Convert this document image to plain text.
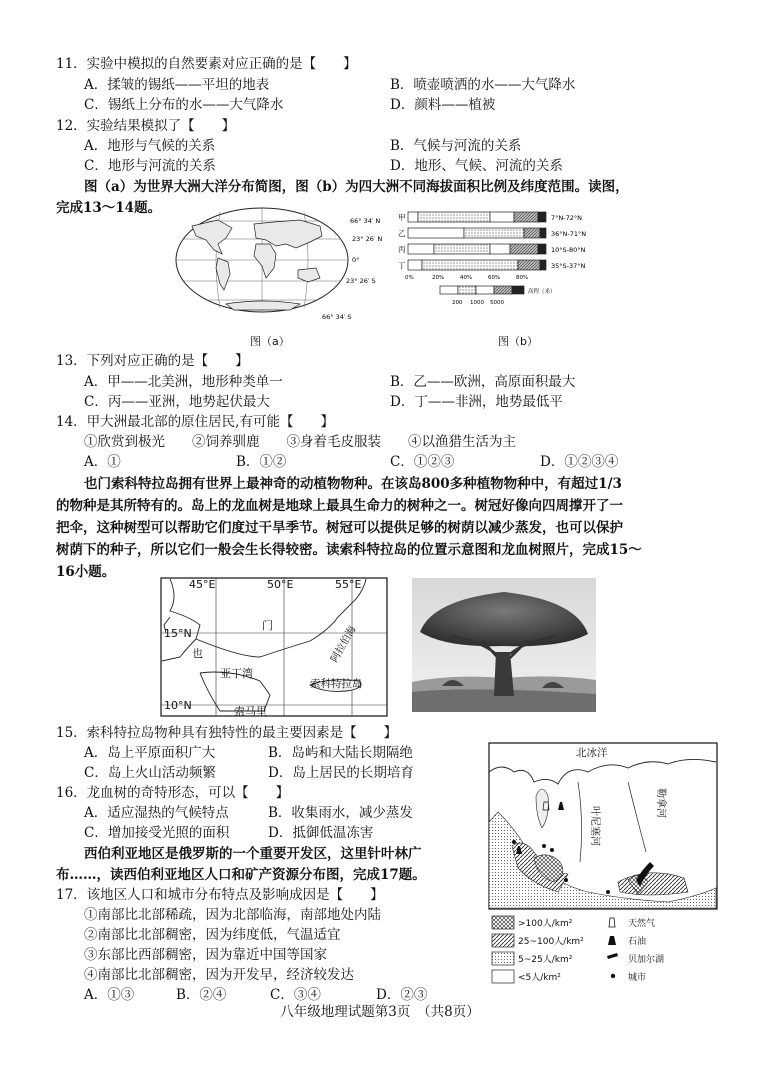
11．实验中模拟的自然要素对应正确的是【　　】
A．揉皱的锡纸——平坦的地表	B．喷壶喷洒的水——大气降水
C．锡纸上分布的水——大气降水	D．颜料——植被
12．实验结果模拟了【　　】
A．地形与气候的关系	B．气候与河流的关系
C．地形与河流的关系	D．地形、气候、河流的关系
图（a）为世界大洲大洋分布简图，图（b）为四大洲不同海拔面积比例及纬度范围。读图，
完成13～14题。
66° 34′ N
23° 26′ N
0°
23° 26′ S
66° 34′ S
图（a）
甲
乙
丙
丁
7°N-72°N
36°N-71°N
10°S-80°N
35°S-37°N
0%	20%	40%	60%	80%
高程（米）
200 1000 5000
图（b）
13．下列对应正确的是【　　】
A．甲——北美洲，地形种类单一	B．乙——欧洲，高原面积最大
C．丙——亚洲，地势起伏最大	D．丁——非洲，地势最低平
14．甲大洲最北部的原住居民,有可能【　　】
①欣赏到极光　　②饲养驯鹿　　③身着毛皮服装　　④以渔猎生活为主
A．①	B．①②	C．①②③	D．①②③④
也门索科特拉岛拥有世界上最神奇的动植物物种。在该岛800多种植物物种中，有超过1/3
的物种是其所特有的。岛上的龙血树是地球上最具生命力的树种之一。树冠好像向四周撑开了一
把伞，这种树型可以帮助它们度过干旱季节。树冠可以提供足够的树荫以减少蒸发，也可以保护
树荫下的种子，所以它们一般会生长得较密。读索科特拉岛的位置示意图和龙血树照片，完成15～
16小题。
45°E	50°E	55°E
15°N
10°N
也
门
亚丁湾
索马里
索科特拉岛
阿拉伯海
15．索科特拉岛物种具有独特性的最主要因素是【　　】
A．岛上平原面积广大	B．岛屿和大陆长期隔绝
C．岛上火山活动频繁	D．岛上居民的长期培育
16．龙血树的奇特形态，可以【　　】
A．适应湿热的气候特点	B．收集雨水，减少蒸发
C．增加接受光照的面积	D．抵御低温冻害
西伯利亚地区是俄罗斯的一个重要开发区，这里针叶林广
布……，读西伯利亚地区人口和矿产资源分布图，完成17题。
17．该地区人口和城市分布特点及影响成因是【　　】
①南部比北部稀疏，因为北部临海，南部地处内陆
②南部比北部稠密，因为纬度低，气温适宜
③东部比西部稠密，因为靠近中国等国家
④南部比北部稠密，因为开发早，经济较发达
A．①③	B．②④	C．③④	D．②③
北冰洋
叶尼塞河
勒拿河
>100人/km²
25~100人/km²
5~25人/km²
<5人/km²
天然气
石油
贝加尔湖
城市
八年级地理试题第3页　（共8页）
